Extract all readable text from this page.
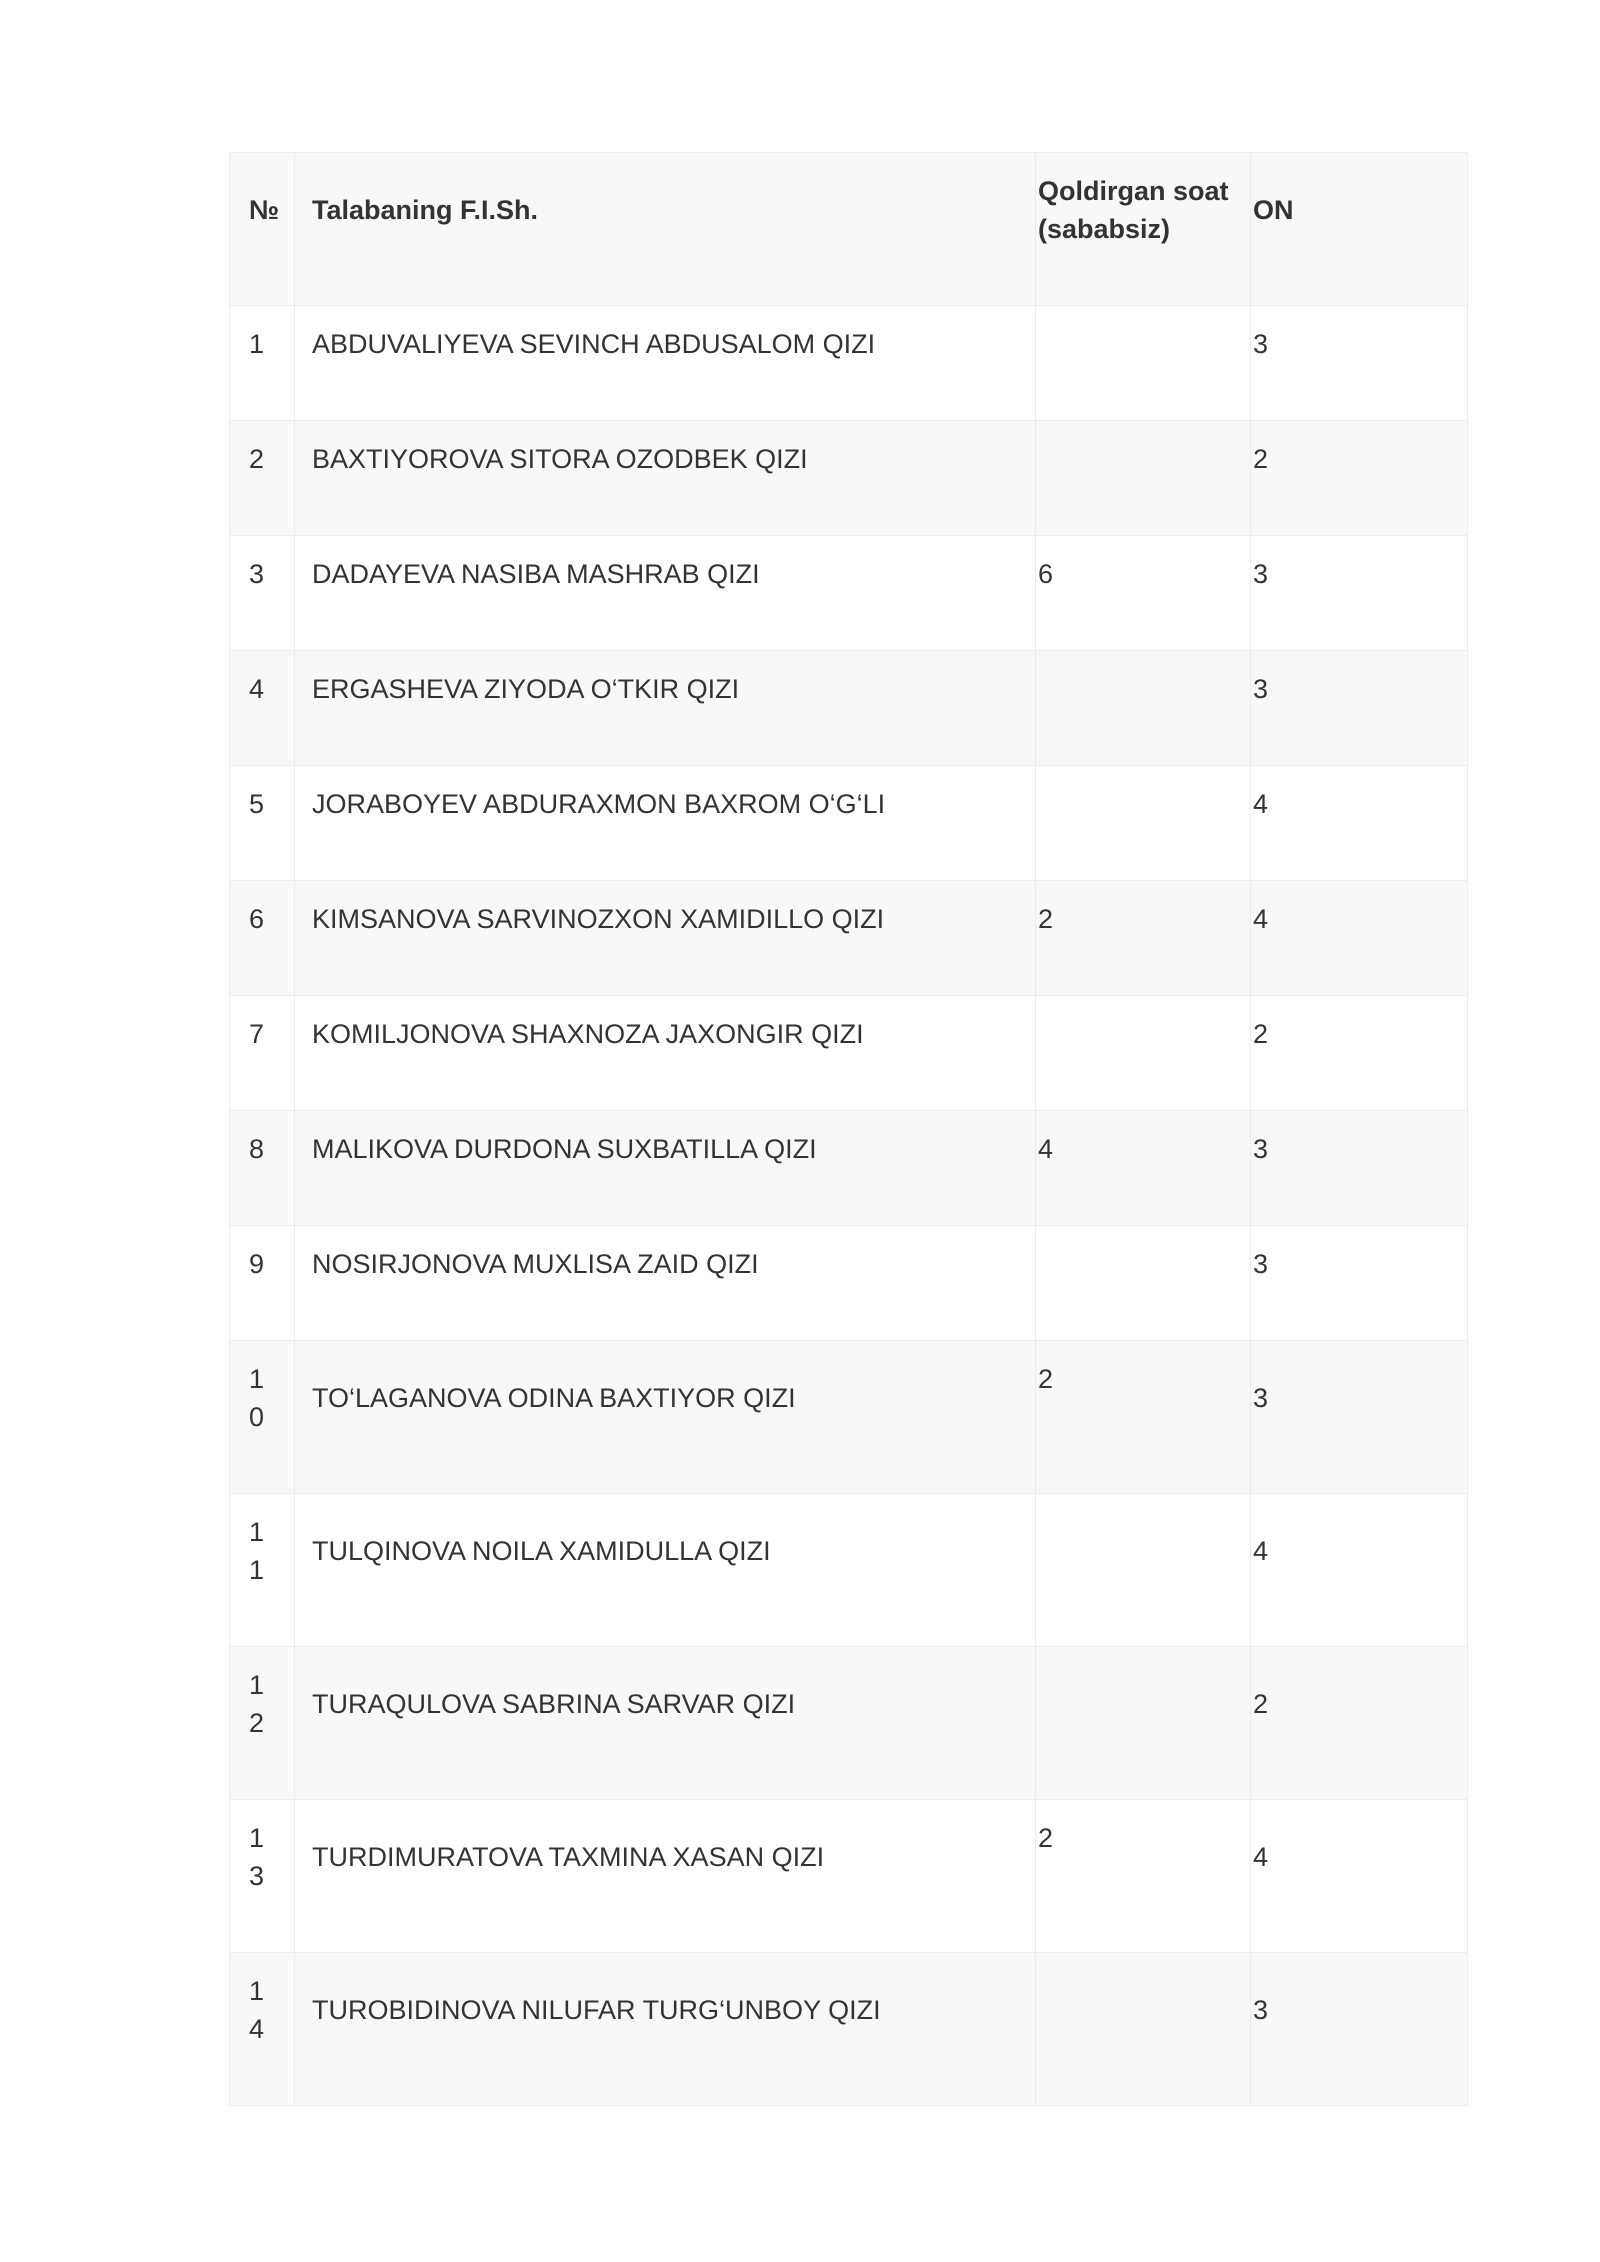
№	Talabaning F.I.Sh.	Qoldirgan soat (sababsiz)	ON
1	ABDUVALIYEVA SEVINCH ABDUSALOM QIZI		3
2	BAXTIYOROVA SITORA OZODBEK QIZI		2
3	DADAYEVA NASIBA MASHRAB QIZI	6	3
4	ERGASHEVA ZIYODA O‘TKIR QIZI		3
5	JORABOYEV ABDURAXMON BAXROM O‘G‘LI		4
6	KIMSANOVA SARVINOZXON XAMIDILLO QIZI	2	4
7	KOMILJONOVA SHAXNOZA JAXONGIR QIZI		2
8	MALIKOVA DURDONA SUXBATILLA QIZI	4	3
9	NOSIRJONOVA MUXLISA ZAID QIZI		3
10	TO‘LAGANOVA ODINA BAXTIYOR QIZI	2	3
11	TULQINOVA NOILA XAMIDULLA QIZI		4
12	TURAQULOVA SABRINA SARVAR QIZI		2
13	TURDIMURATOVA TAXMINA XASAN QIZI	2	4
14	TUROBIDINOVA NILUFAR TURG‘UNBOY QIZI		3
